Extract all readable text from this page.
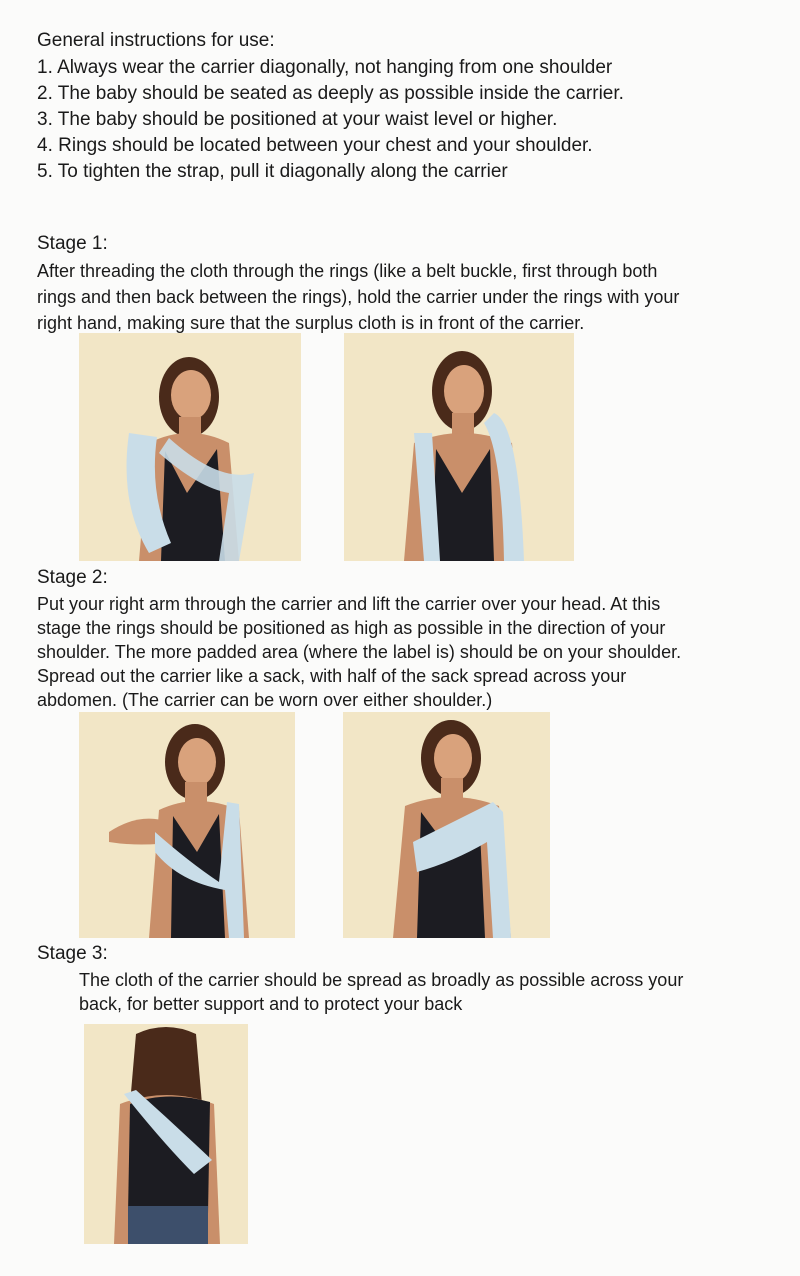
General instructions for use:
1. Always wear the carrier diagonally, not hanging from one shoulder
2. The baby should be seated as deeply as possible inside the carrier.
3. The baby should be positioned at your waist level or higher.
4. Rings should be located between your chest and your shoulder.
5. To tighten the strap, pull it diagonally along the carrier
Stage 1:
After threading the cloth through the rings (like a belt buckle, first through both
rings and then back between the rings), hold the carrier under the rings with your
right hand, making sure that the surplus cloth is in front of the carrier.
Stage 2:
Put your right arm through the carrier and lift the carrier over your head. At this
stage the rings should be positioned as high as possible in the direction of your
shoulder. The more padded area (where the label is) should be on your shoulder.
Spread out the carrier like a sack, with half of the sack spread across your
abdomen. (The carrier can be worn over either shoulder.)
Stage 3:
The cloth of the carrier should be spread as broadly as possible across your
back, for better support and to protect your back
